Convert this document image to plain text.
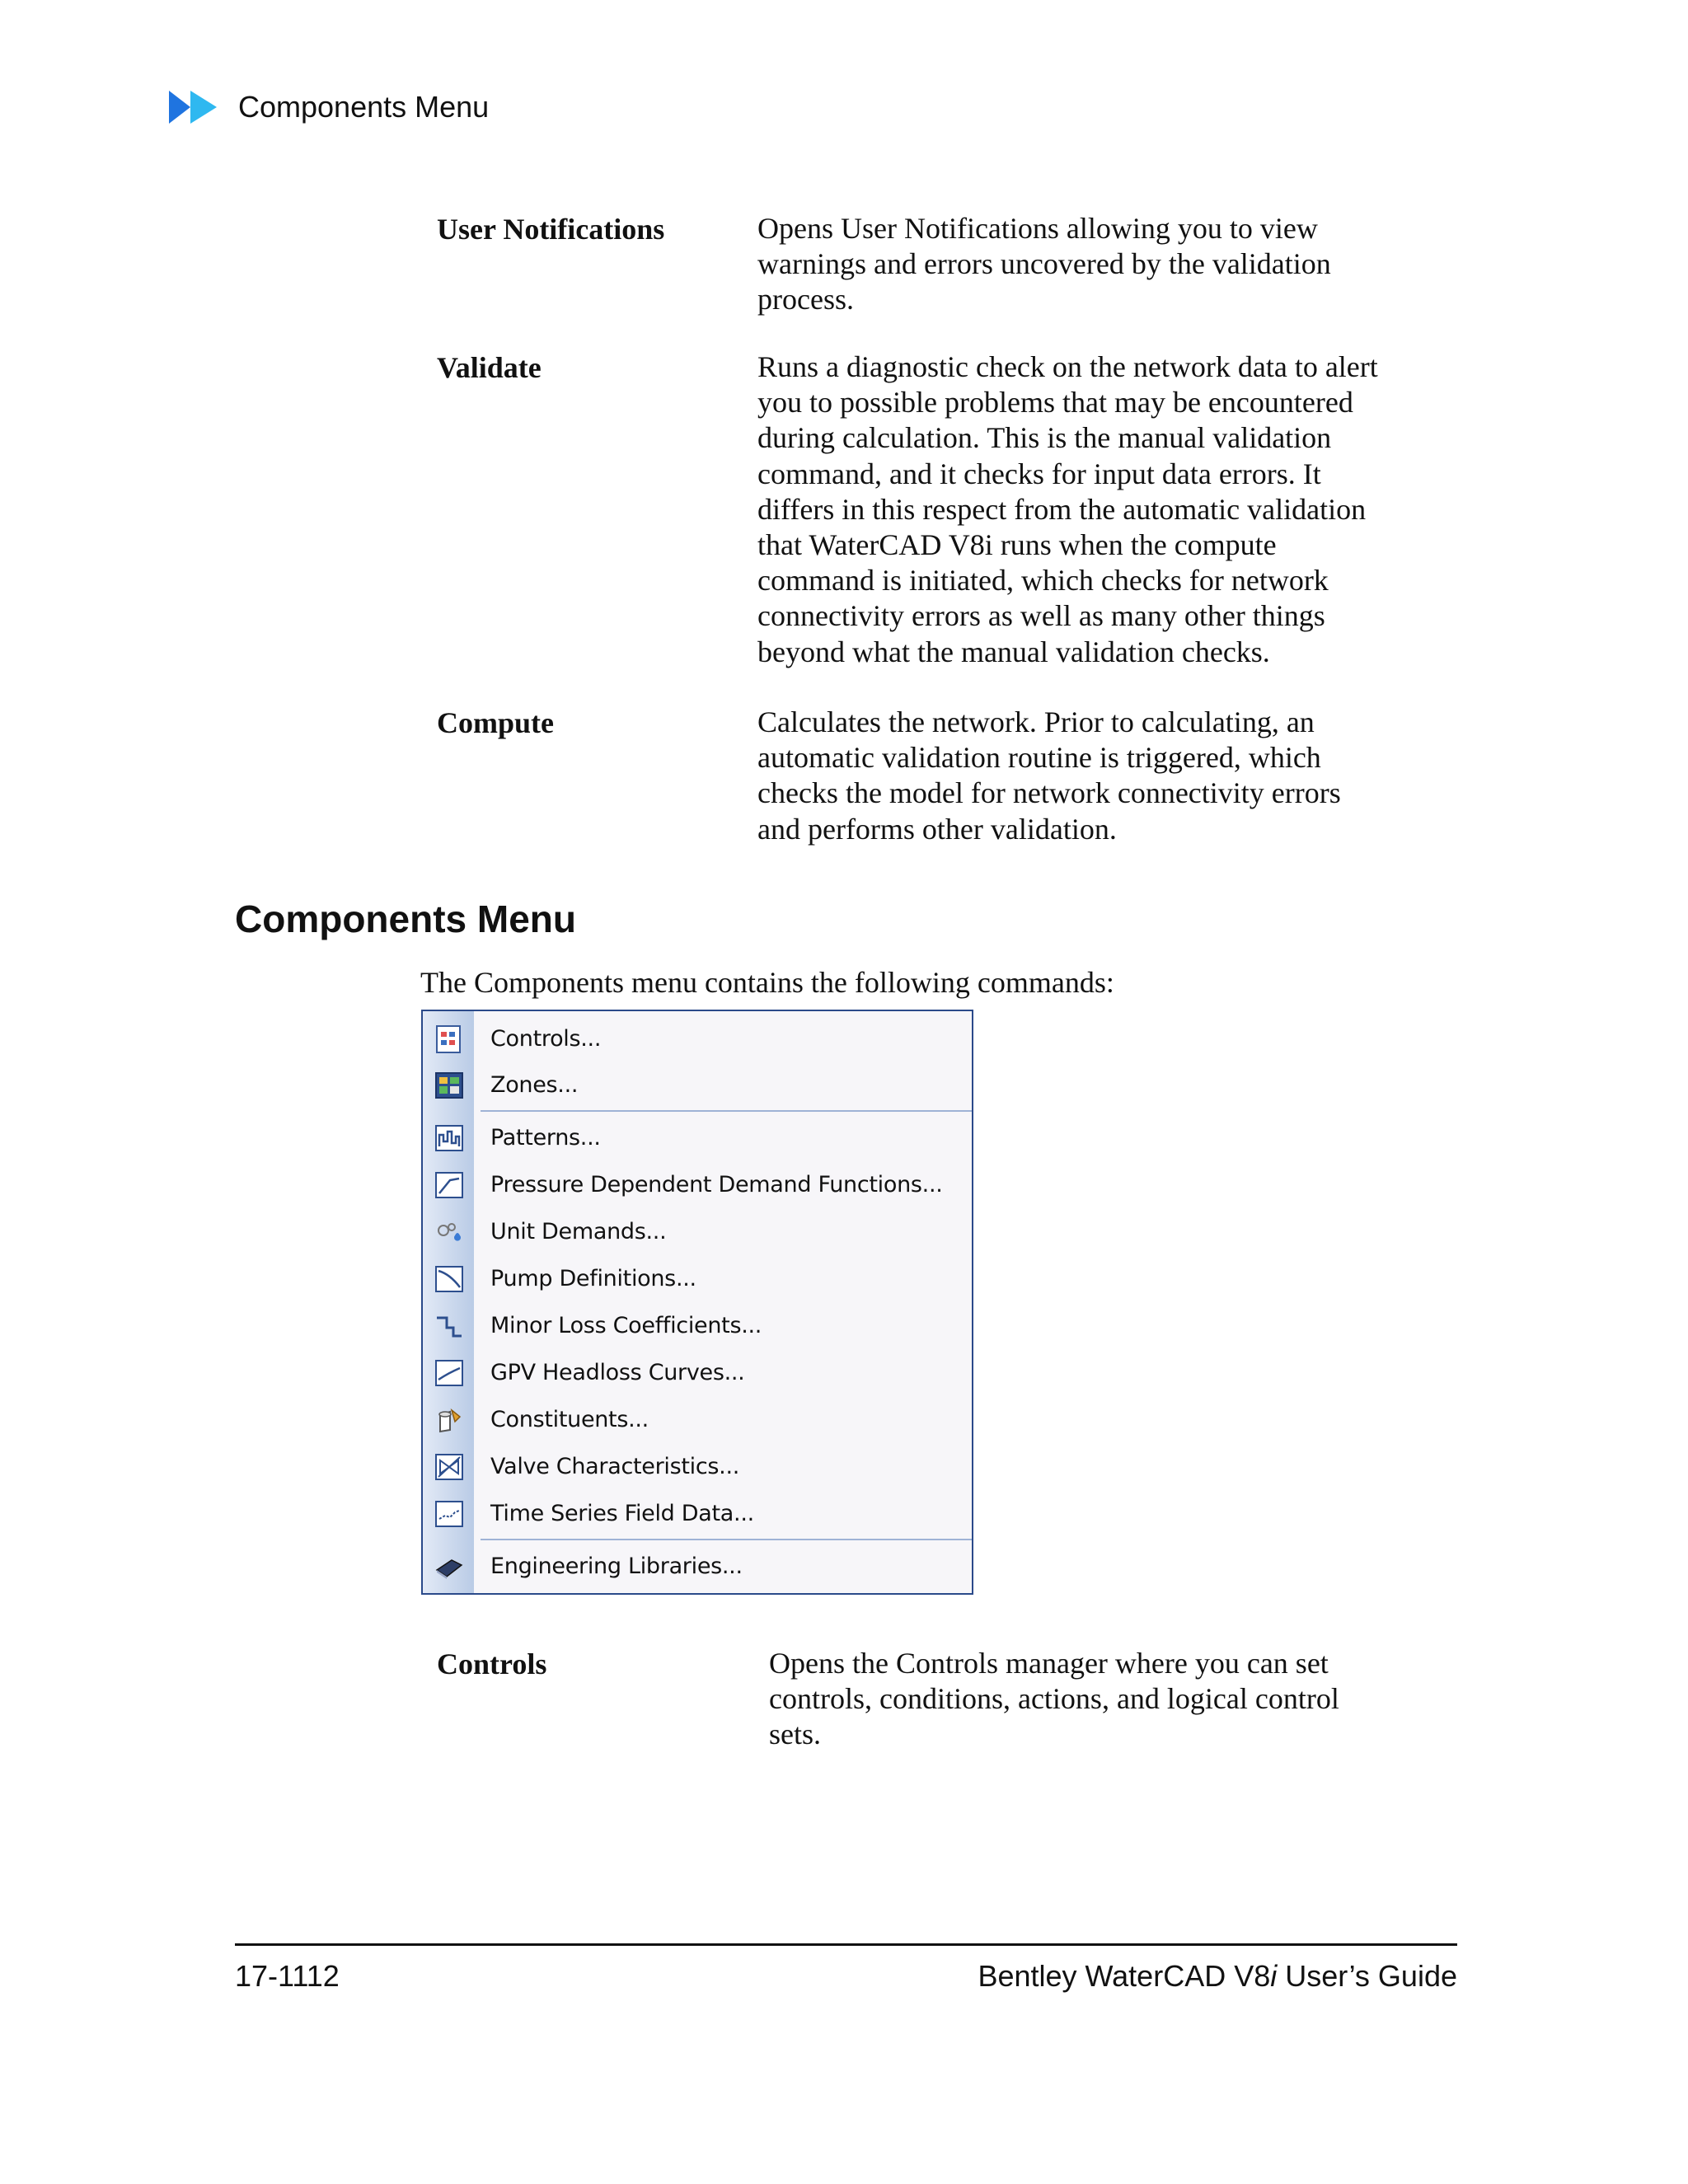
Components Menu
User Notifications	Opens User Notifications allowing you to view warnings and errors uncovered by the validation process.
Validate	Runs a diagnostic check on the network data to alert you to possible problems that may be encountered during calculation. This is the manual validation command, and it checks for input data errors. It differs in this respect from the automatic validation that WaterCAD V8i runs when the compute command is initiated, which checks for network connectivity errors as well as many other things beyond what the manual validation checks.
Compute	Calculates the network. Prior to calculating, an automatic validation routine is triggered, which checks the model for network connectivity errors and performs other validation.
Components Menu
The Components menu contains the following commands:
Controls...
Zones...
Patterns...
Pressure Dependent Demand Functions...
Unit Demands...
Pump Definitions...
Minor Loss Coefficients...
GPV Headloss Curves...
Constituents...
Valve Characteristics...
Time Series Field Data...
Engineering Libraries...
Controls	Opens the Controls manager where you can set controls, conditions, actions, and logical control sets.
17-1112	Bentley WaterCAD V8i User’s Guide
